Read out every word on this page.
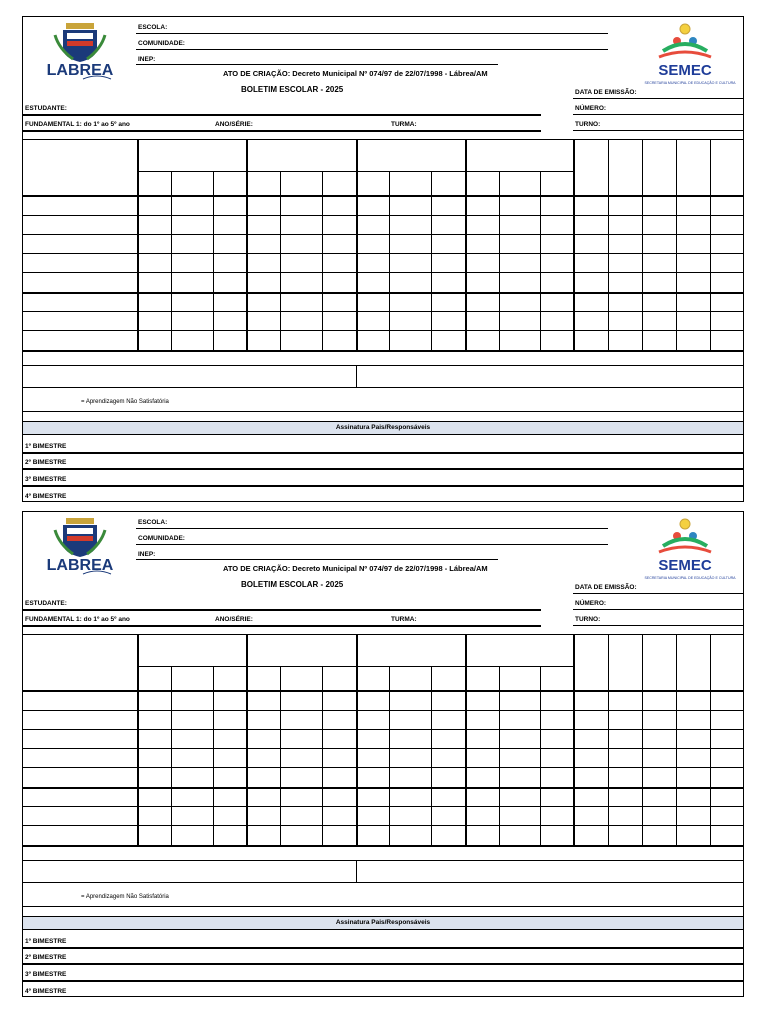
LABREA
ESCOLA:
COMUNIDADE:
INEP:
ATO DE CRIAÇÃO: Decreto Municipal Nº 074/97 de 22/07/1998 - Lábrea/AM
BOLETIM ESCOLAR - 2025
SEMEC
SECRETARIA MUNICIPAL DE EDUCAÇÃO E CULTURA
DATA DE EMISSÃO:
ESTUDANTE:	NÚMERO:
FUNDAMENTAL 1: do 1º ao 5º ano	ANO/SÉRIE:	TURMA:	TURNO:
= Aprendizagem Não Satisfatória
Assinatura Pais/Responsáveis
1º BIMESTRE
2º BIMESTRE
3º BIMESTRE
4º BIMESTRE
LABREA
ESCOLA:
COMUNIDADE:
INEP:
ATO DE CRIAÇÃO: Decreto Municipal Nº 074/97 de 22/07/1998 - Lábrea/AM
BOLETIM ESCOLAR - 2025
SEMEC
SECRETARIA MUNICIPAL DE EDUCAÇÃO E CULTURA
DATA DE EMISSÃO:
ESTUDANTE:	NÚMERO:
FUNDAMENTAL 1: do 1º ao 5º ano	ANO/SÉRIE:	TURMA:	TURNO:
= Aprendizagem Não Satisfatória
Assinatura Pais/Responsáveis
1º BIMESTRE
2º BIMESTRE
3º BIMESTRE
4º BIMESTRE
